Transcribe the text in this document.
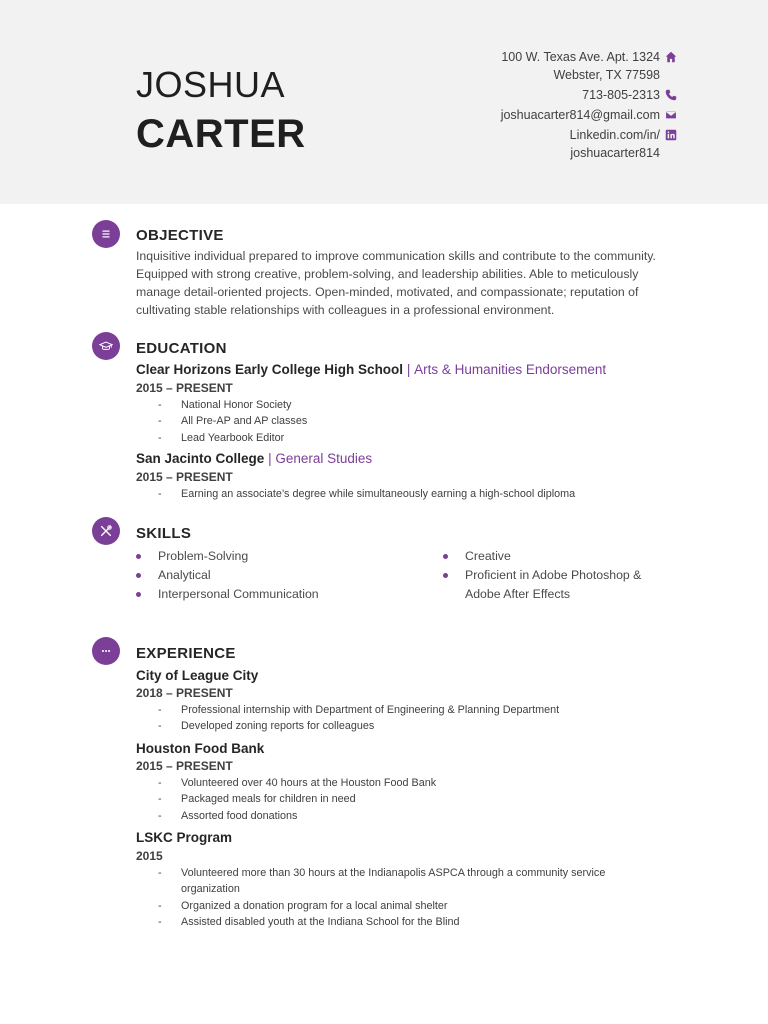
JOSHUA
CARTER
100 W. Texas Ave. Apt. 1324
Webster, TX 77598
713-805-2313
joshuacarter814@gmail.com
Linkedin.com/in/
joshuacarter814
OBJECTIVE
Inquisitive individual prepared to improve communication skills and contribute to the community. Equipped with strong creative, problem-solving, and leadership abilities. Able to meticulously manage detail-oriented projects. Open-minded, motivated, and compassionate; reputation of cultivating stable relationships with colleagues in a professional environment.
EDUCATION
Clear Horizons Early College High School | Arts & Humanities Endorsement
2015 – PRESENT
- National Honor Society
- All Pre-AP and AP classes
- Lead Yearbook Editor
San Jacinto College | General Studies
2015 – PRESENT
- Earning an associate’s degree while simultaneously earning a high-school diploma
SKILLS
Problem-Solving
Analytical
Interpersonal Communication
Creative
Proficient in Adobe Photoshop & Adobe After Effects
EXPERIENCE
City of League City
2018 – PRESENT
- Professional internship with Department of Engineering & Planning Department
- Developed zoning reports for colleagues
Houston Food Bank
2015 – PRESENT
- Volunteered over 40 hours at the Houston Food Bank
- Packaged meals for children in need
- Assorted food donations
LSKC Program
2015
- Volunteered more than 30 hours at the Indianapolis ASPCA through a community service organization
- Organized a donation program for a local animal shelter
- Assisted disabled youth at the Indiana School for the Blind
